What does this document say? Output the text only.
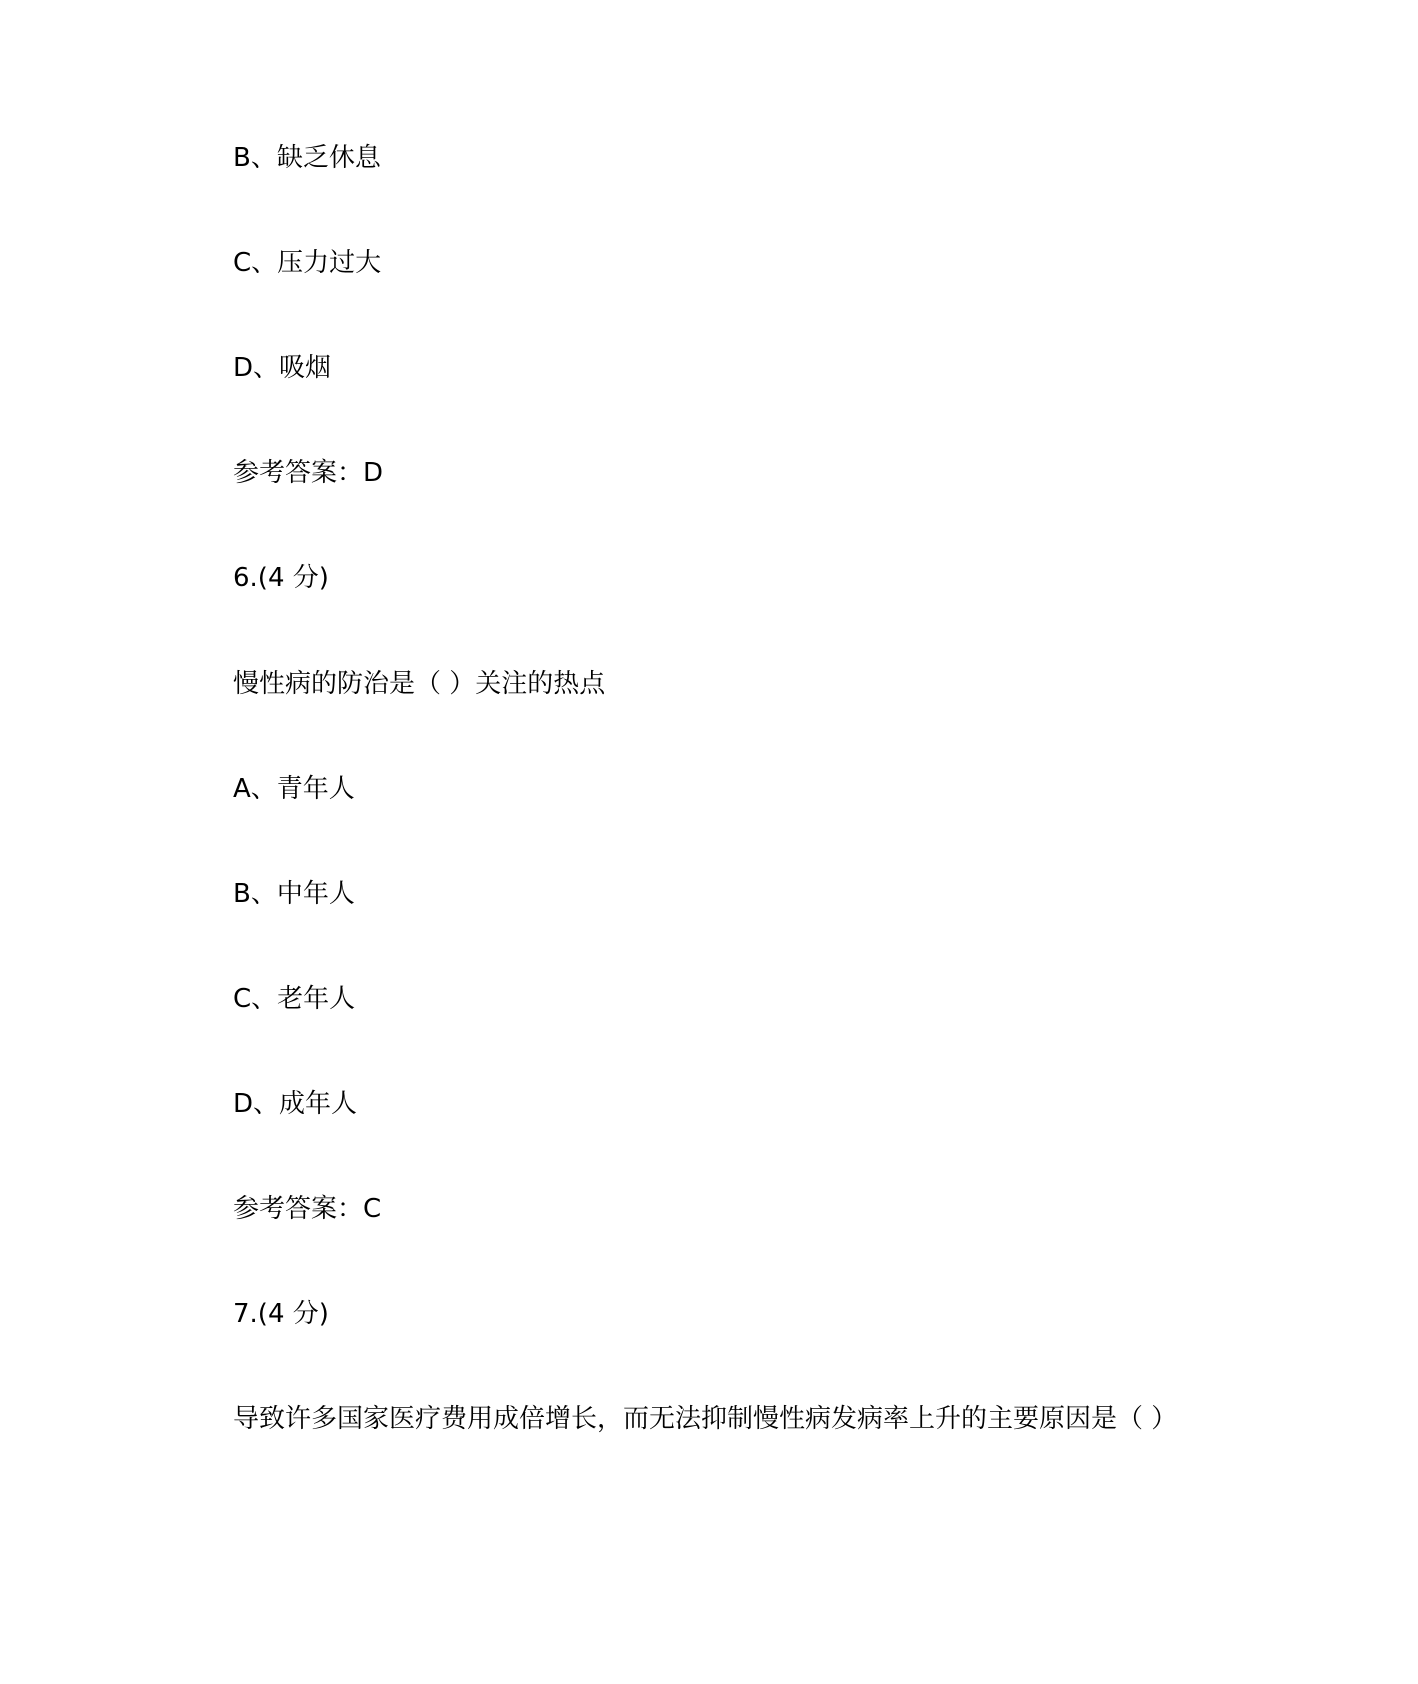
B、缺乏休息
C、压力过大
D、吸烟
参考答案：D
6.(4 分)
慢性病的防治是（ ）关注的热点
A、青年人
B、中年人
C、老年人
D、成年人
参考答案：C
7.(4 分)
导致许多国家医疗费用成倍增长，而无法抑制慢性病发病率上升的主要原因是（ ）
